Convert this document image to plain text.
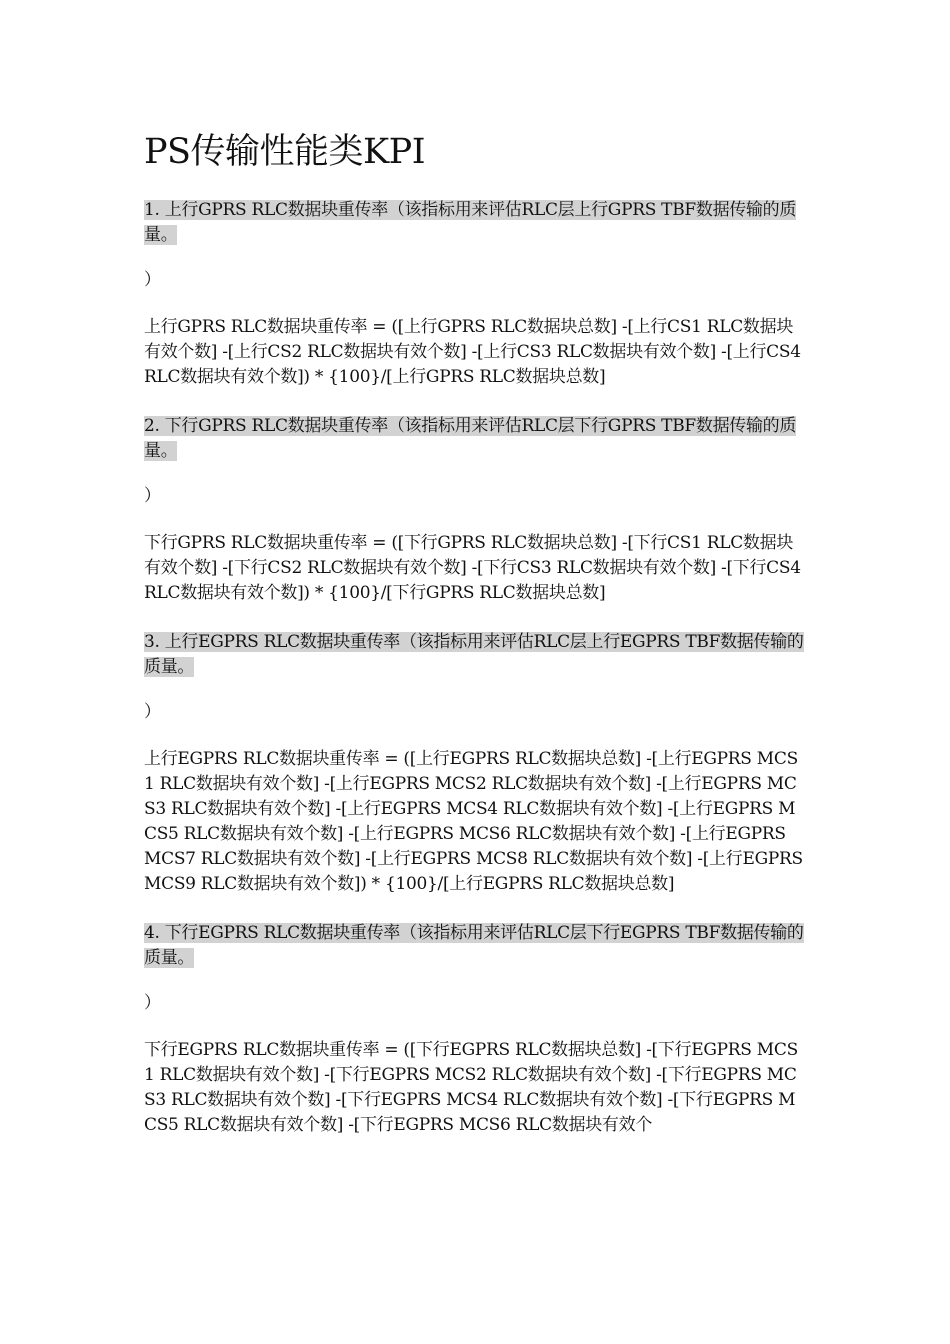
PS传输性能类KPI

1. 上行GPRS RLC数据块重传率（该指标用来评估RLC层上行GPRS TBF数据传输的质量。

）

上行GPRS RLC数据块重传率 = ([上行GPRS RLC数据块总数] -[上行CS1 RLC数据块有效个数] -[上行CS2 RLC数据块有效个数] -[上行CS3 RLC数据块有效个数] -[上行CS4 RLC数据块有效个数]) * {100}/[上行GPRS RLC数据块总数]

2. 下行GPRS RLC数据块重传率（该指标用来评估RLC层下行GPRS TBF数据传输的质量。

）

下行GPRS RLC数据块重传率 = ([下行GPRS RLC数据块总数] -[下行CS1 RLC数据块有效个数] -[下行CS2 RLC数据块有效个数] -[下行CS3 RLC数据块有效个数] -[下行CS4 RLC数据块有效个数]) * {100}/[下行GPRS RLC数据块总数]

3. 上行EGPRS RLC数据块重传率（该指标用来评估RLC层上行EGPRS TBF数据传输的质量。

）

上行EGPRS RLC数据块重传率 = ([上行EGPRS RLC数据块总数] -[上行EGPRS MCS1 RLC数据块有效个数] -[上行EGPRS MCS2 RLC数据块有效个数] -[上行EGPRS MCS3 RLC数据块有效个数] -[上行EGPRS MCS4 RLC数据块有效个数] -[上行EGPRS MCS5 RLC数据块有效个数] -[上行EGPRS MCS6 RLC数据块有效个数] -[上行EGPRS MCS7 RLC数据块有效个数] -[上行EGPRS MCS8 RLC数据块有效个数] -[上行EGPRS MCS9 RLC数据块有效个数]) * {100}/[上行EGPRS RLC数据块总数]

4. 下行EGPRS RLC数据块重传率（该指标用来评估RLC层下行EGPRS TBF数据传输的质量。

）

下行EGPRS RLC数据块重传率 = ([下行EGPRS RLC数据块总数] -[下行EGPRS MCS1 RLC数据块有效个数] -[下行EGPRS MCS2 RLC数据块有效个数] -[下行EGPRS MCS3 RLC数据块有效个数] -[下行EGPRS MCS4 RLC数据块有效个数] -[下行EGPRS MCS5 RLC数据块有效个数] -[下行EGPRS MCS6 RLC数据块有效个
